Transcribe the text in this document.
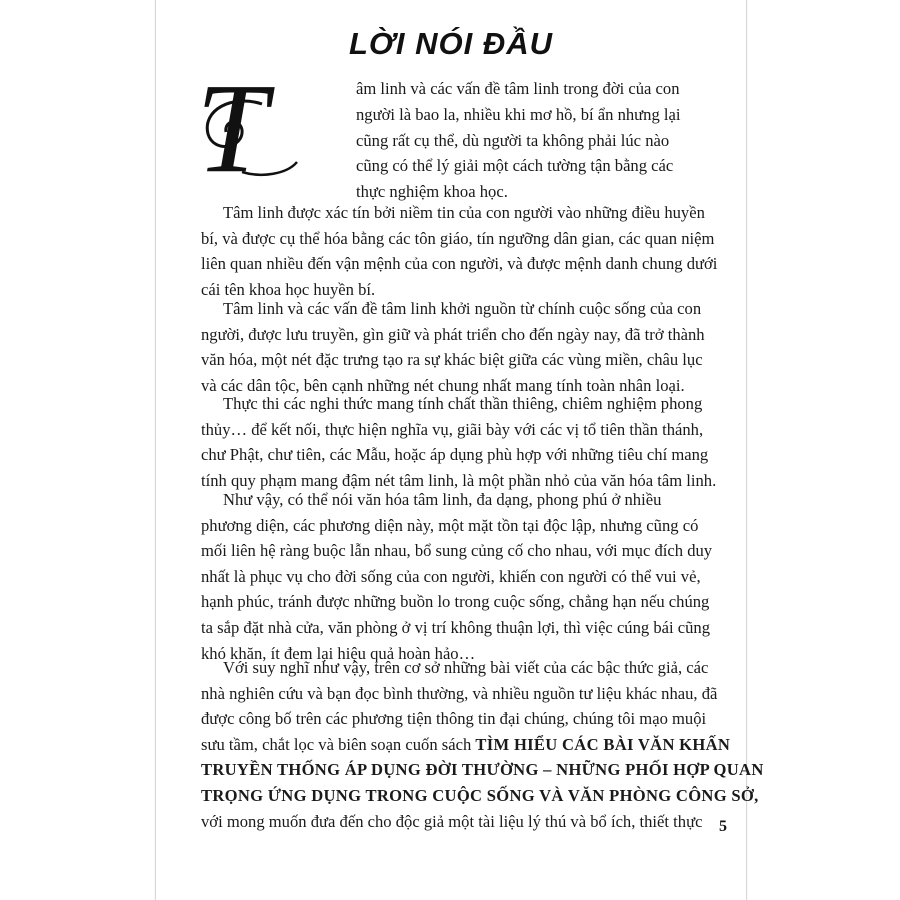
LỜI NÓI ĐẦU
T	âm linh và các vấn đề tâm linh trong đời của con
người là bao la, nhiều khi mơ hồ, bí ẩn nhưng lại
cũng rất cụ thể, dù người ta không phải lúc nào
cũng có thể lý giải một cách tường tận bằng các
thực nghiệm khoa học.
Tâm linh được xác tín bởi niềm tin của con người vào những điều huyền
bí, và được cụ thể hóa bằng các tôn giáo, tín ngưỡng dân gian, các quan niệm
liên quan nhiều đến vận mệnh của con người, và được mệnh danh chung dưới
cái tên khoa học huyền bí.
Tâm linh và các vấn đề tâm linh khởi nguồn từ chính cuộc sống của con
người, được lưu truyền, gìn giữ và phát triển cho đến ngày nay, đã trở thành
văn hóa, một nét đặc trưng tạo ra sự khác biệt giữa các vùng miền, châu lục
và các dân tộc, bên cạnh những nét chung nhất mang tính toàn nhân loại.
Thực thi các nghi thức mang tính chất thần thiêng, chiêm nghiệm phong
thủy… để kết nối, thực hiện nghĩa vụ, giãi bày với các vị tổ tiên thần thánh,
chư Phật, chư tiên, các Mẫu, hoặc áp dụng phù hợp với những tiêu chí mang
tính quy phạm mang đậm nét tâm linh, là một phần nhỏ của văn hóa tâm linh.
Như vậy, có thể nói văn hóa tâm linh, đa dạng, phong phú ở nhiều
phương diện, các phương diện này, một mặt tồn tại độc lập, nhưng cũng có
mối liên hệ ràng buộc lẫn nhau, bổ sung củng cố cho nhau, với mục đích duy
nhất là phục vụ cho đời sống của con người, khiến con người có thể vui vẻ,
hạnh phúc, tránh được những buồn lo trong cuộc sống, chẳng hạn nếu chúng
ta sắp đặt nhà cửa, văn phòng ở vị trí không thuận lợi, thì việc cúng bái cũng
khó khăn, ít đem lại hiệu quả hoàn hảo…
Với suy nghĩ như vậy, trên cơ sở những bài viết của các bậc thức giả, các
nhà nghiên cứu và bạn đọc bình thường, và nhiều nguồn tư liệu khác nhau, đã
được công bố trên các phương tiện thông tin đại chúng, chúng tôi mạo muội
sưu tầm, chắt lọc và biên soạn cuốn sách TÌM HIỂU CÁC BÀI VĂN KHẤN
TRUYỀN THỐNG ÁP DỤNG ĐỜI THƯỜNG – NHỮNG PHỐI HỢP QUAN
TRỌNG ỨNG DỤNG TRONG CUỘC SỐNG VÀ VĂN PHÒNG CÔNG SỞ,
với mong muốn đưa đến cho độc giả một tài liệu lý thú và bổ ích, thiết thực	5
